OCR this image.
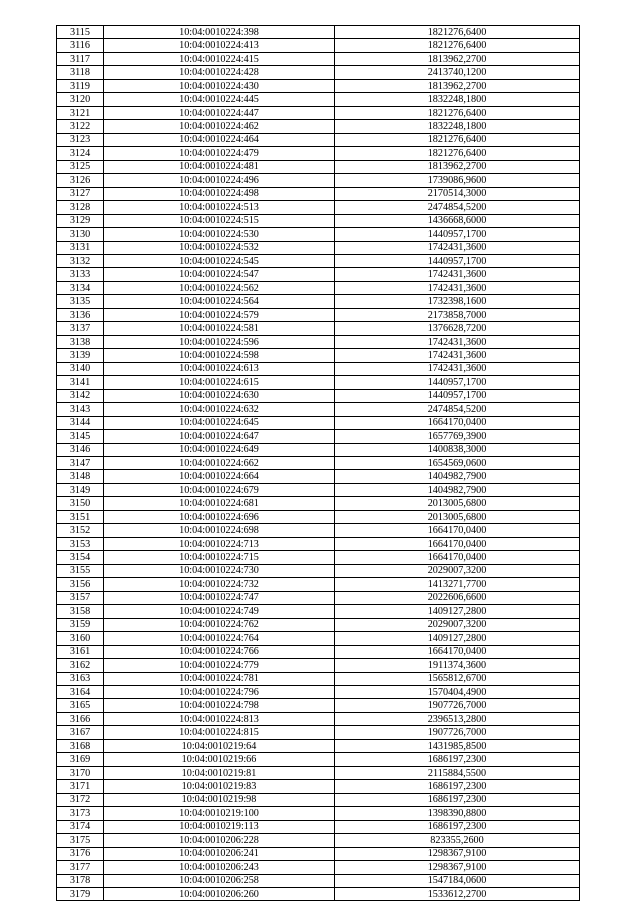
3115	10:04:0010224:398	1821276,6400
3116	10:04:0010224:413	1821276,6400
3117	10:04:0010224:415	1813962,2700
3118	10:04:0010224:428	2413740,1200
3119	10:04:0010224:430	1813962,2700
3120	10:04:0010224:445	1832248,1800
3121	10:04:0010224:447	1821276,6400
3122	10:04:0010224:462	1832248,1800
3123	10:04:0010224:464	1821276,6400
3124	10:04:0010224:479	1821276,6400
3125	10:04:0010224:481	1813962,2700
3126	10:04:0010224:496	1739086,9600
3127	10:04:0010224:498	2170514,3000
3128	10:04:0010224:513	2474854,5200
3129	10:04:0010224:515	1436668,6000
3130	10:04:0010224:530	1440957,1700
3131	10:04:0010224:532	1742431,3600
3132	10:04:0010224:545	1440957,1700
3133	10:04:0010224:547	1742431,3600
3134	10:04:0010224:562	1742431,3600
3135	10:04:0010224:564	1732398,1600
3136	10:04:0010224:579	2173858,7000
3137	10:04:0010224:581	1376628,7200
3138	10:04:0010224:596	1742431,3600
3139	10:04:0010224:598	1742431,3600
3140	10:04:0010224:613	1742431,3600
3141	10:04:0010224:615	1440957,1700
3142	10:04:0010224:630	1440957,1700
3143	10:04:0010224:632	2474854,5200
3144	10:04:0010224:645	1664170,0400
3145	10:04:0010224:647	1657769,3900
3146	10:04:0010224:649	1400838,3000
3147	10:04:0010224:662	1654569,0600
3148	10:04:0010224:664	1404982,7900
3149	10:04:0010224:679	1404982,7900
3150	10:04:0010224:681	2013005,6800
3151	10:04:0010224:696	2013005,6800
3152	10:04:0010224:698	1664170,0400
3153	10:04:0010224:713	1664170,0400
3154	10:04:0010224:715	1664170,0400
3155	10:04:0010224:730	2029007,3200
3156	10:04:0010224:732	1413271,7700
3157	10:04:0010224:747	2022606,6600
3158	10:04:0010224:749	1409127,2800
3159	10:04:0010224:762	2029007,3200
3160	10:04:0010224:764	1409127,2800
3161	10:04:0010224:766	1664170,0400
3162	10:04:0010224:779	1911374,3600
3163	10:04:0010224:781	1565812,6700
3164	10:04:0010224:796	1570404,4900
3165	10:04:0010224:798	1907726,7000
3166	10:04:0010224:813	2396513,2800
3167	10:04:0010224:815	1907726,7000
3168	10:04:0010219:64	1431985,8500
3169	10:04:0010219:66	1686197,2300
3170	10:04:0010219:81	2115884,5500
3171	10:04:0010219:83	1686197,2300
3172	10:04:0010219:98	1686197,2300
3173	10:04:0010219:100	1398390,8800
3174	10:04:0010219:113	1686197,2300
3175	10:04:0010206:228	823355,2600
3176	10:04:0010206:241	1298367,9100
3177	10:04:0010206:243	1298367,9100
3178	10:04:0010206:258	1547184,0600
3179	10:04:0010206:260	1533612,2700
